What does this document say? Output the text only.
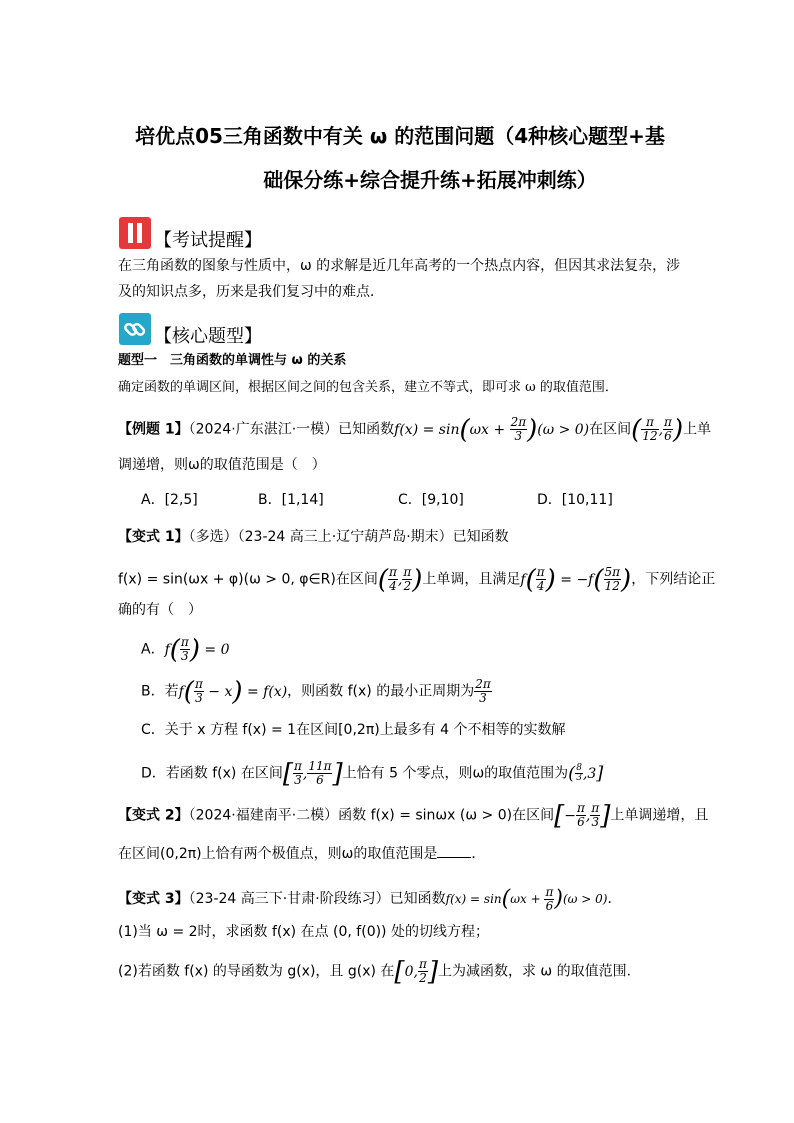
培优点05三角函数中有关 ω 的范围问题（4种核心题型+基
础保分练+综合提升练+拓展冲刺练）
【考试提醒】
在三角函数的图象与性质中，ω 的求解是近几年高考的一个热点内容，但因其求法复杂，涉
及的知识点多，历来是我们复习中的难点．
【核心题型】
题型一　三角函数的单调性与 ω 的关系
确定函数的单调区间，根据区间之间的包含关系，建立不等式，即可求 ω 的取值范围．
【例题 1】（2024·广东湛江·一模）已知函数$f(x) = \sin(\omega x + \frac{2\pi}{3} )(\omega > 0)$在区间( $\frac{\pi}{12}$ , $\frac{\pi}{6}$ )上单
调递增，则ω的取值范围是（　）
A．[2,5]	B．[1,14]	C．[9,10]	D．[10,11]
【变式 1】（多选）（23-24 高三上·辽宁葫芦岛·期末）已知函数
f(x) = sin(ωx + φ)(ω > 0, φ∈R)在区间( $\frac{\pi}{4}$ , $\frac{\pi}{2}$ )上单调，且满足$f( \frac{\pi}{4}$ ) = $-f( \frac{5\pi}{12}$ )，下列结论正
确的有（　）
A．$f( \frac{\pi}{3}$ ) = 0
B．若$f( \frac{\pi}{3} - x) = f(x)$，则函数 f(x) 的最小正周期为 $\frac{2\pi}{3}$
C．关于 x 方程 f(x) = 1在区间[0,2π)上最多有 4 个不相等的实数解
D．若函数 f(x) 在区间[ $\frac{\pi}{3}$ , $\frac{11\pi}{6}$ ]上恰有 5 个零点，则ω的取值范围为( $\frac{8}{3} ,3$]
【变式 2】（2024·福建南平·二模）函数 f(x) = sinωx (ω > 0)在区间[− $\frac{\pi}{6}$ , $\frac{\pi}{3}$ ]上单调递增，且
在区间(0,2π)上恰有两个极值点，则ω的取值范围是 ．
【变式 3】（23-24 高三下·甘肃·阶段练习）已知函数$f(x) = \sin(\omega x + \frac{\pi}{6} )(\omega > 0)$．
(1)当 ω = 2时，求函数 f(x) 在点 (0, f(0)) 处的切线方程；
(2)若函数 f(x) 的导函数为 g(x)，且 g(x) 在[0, $\frac{\pi}{2}$ ]上为减函数，求 ω 的取值范围．
